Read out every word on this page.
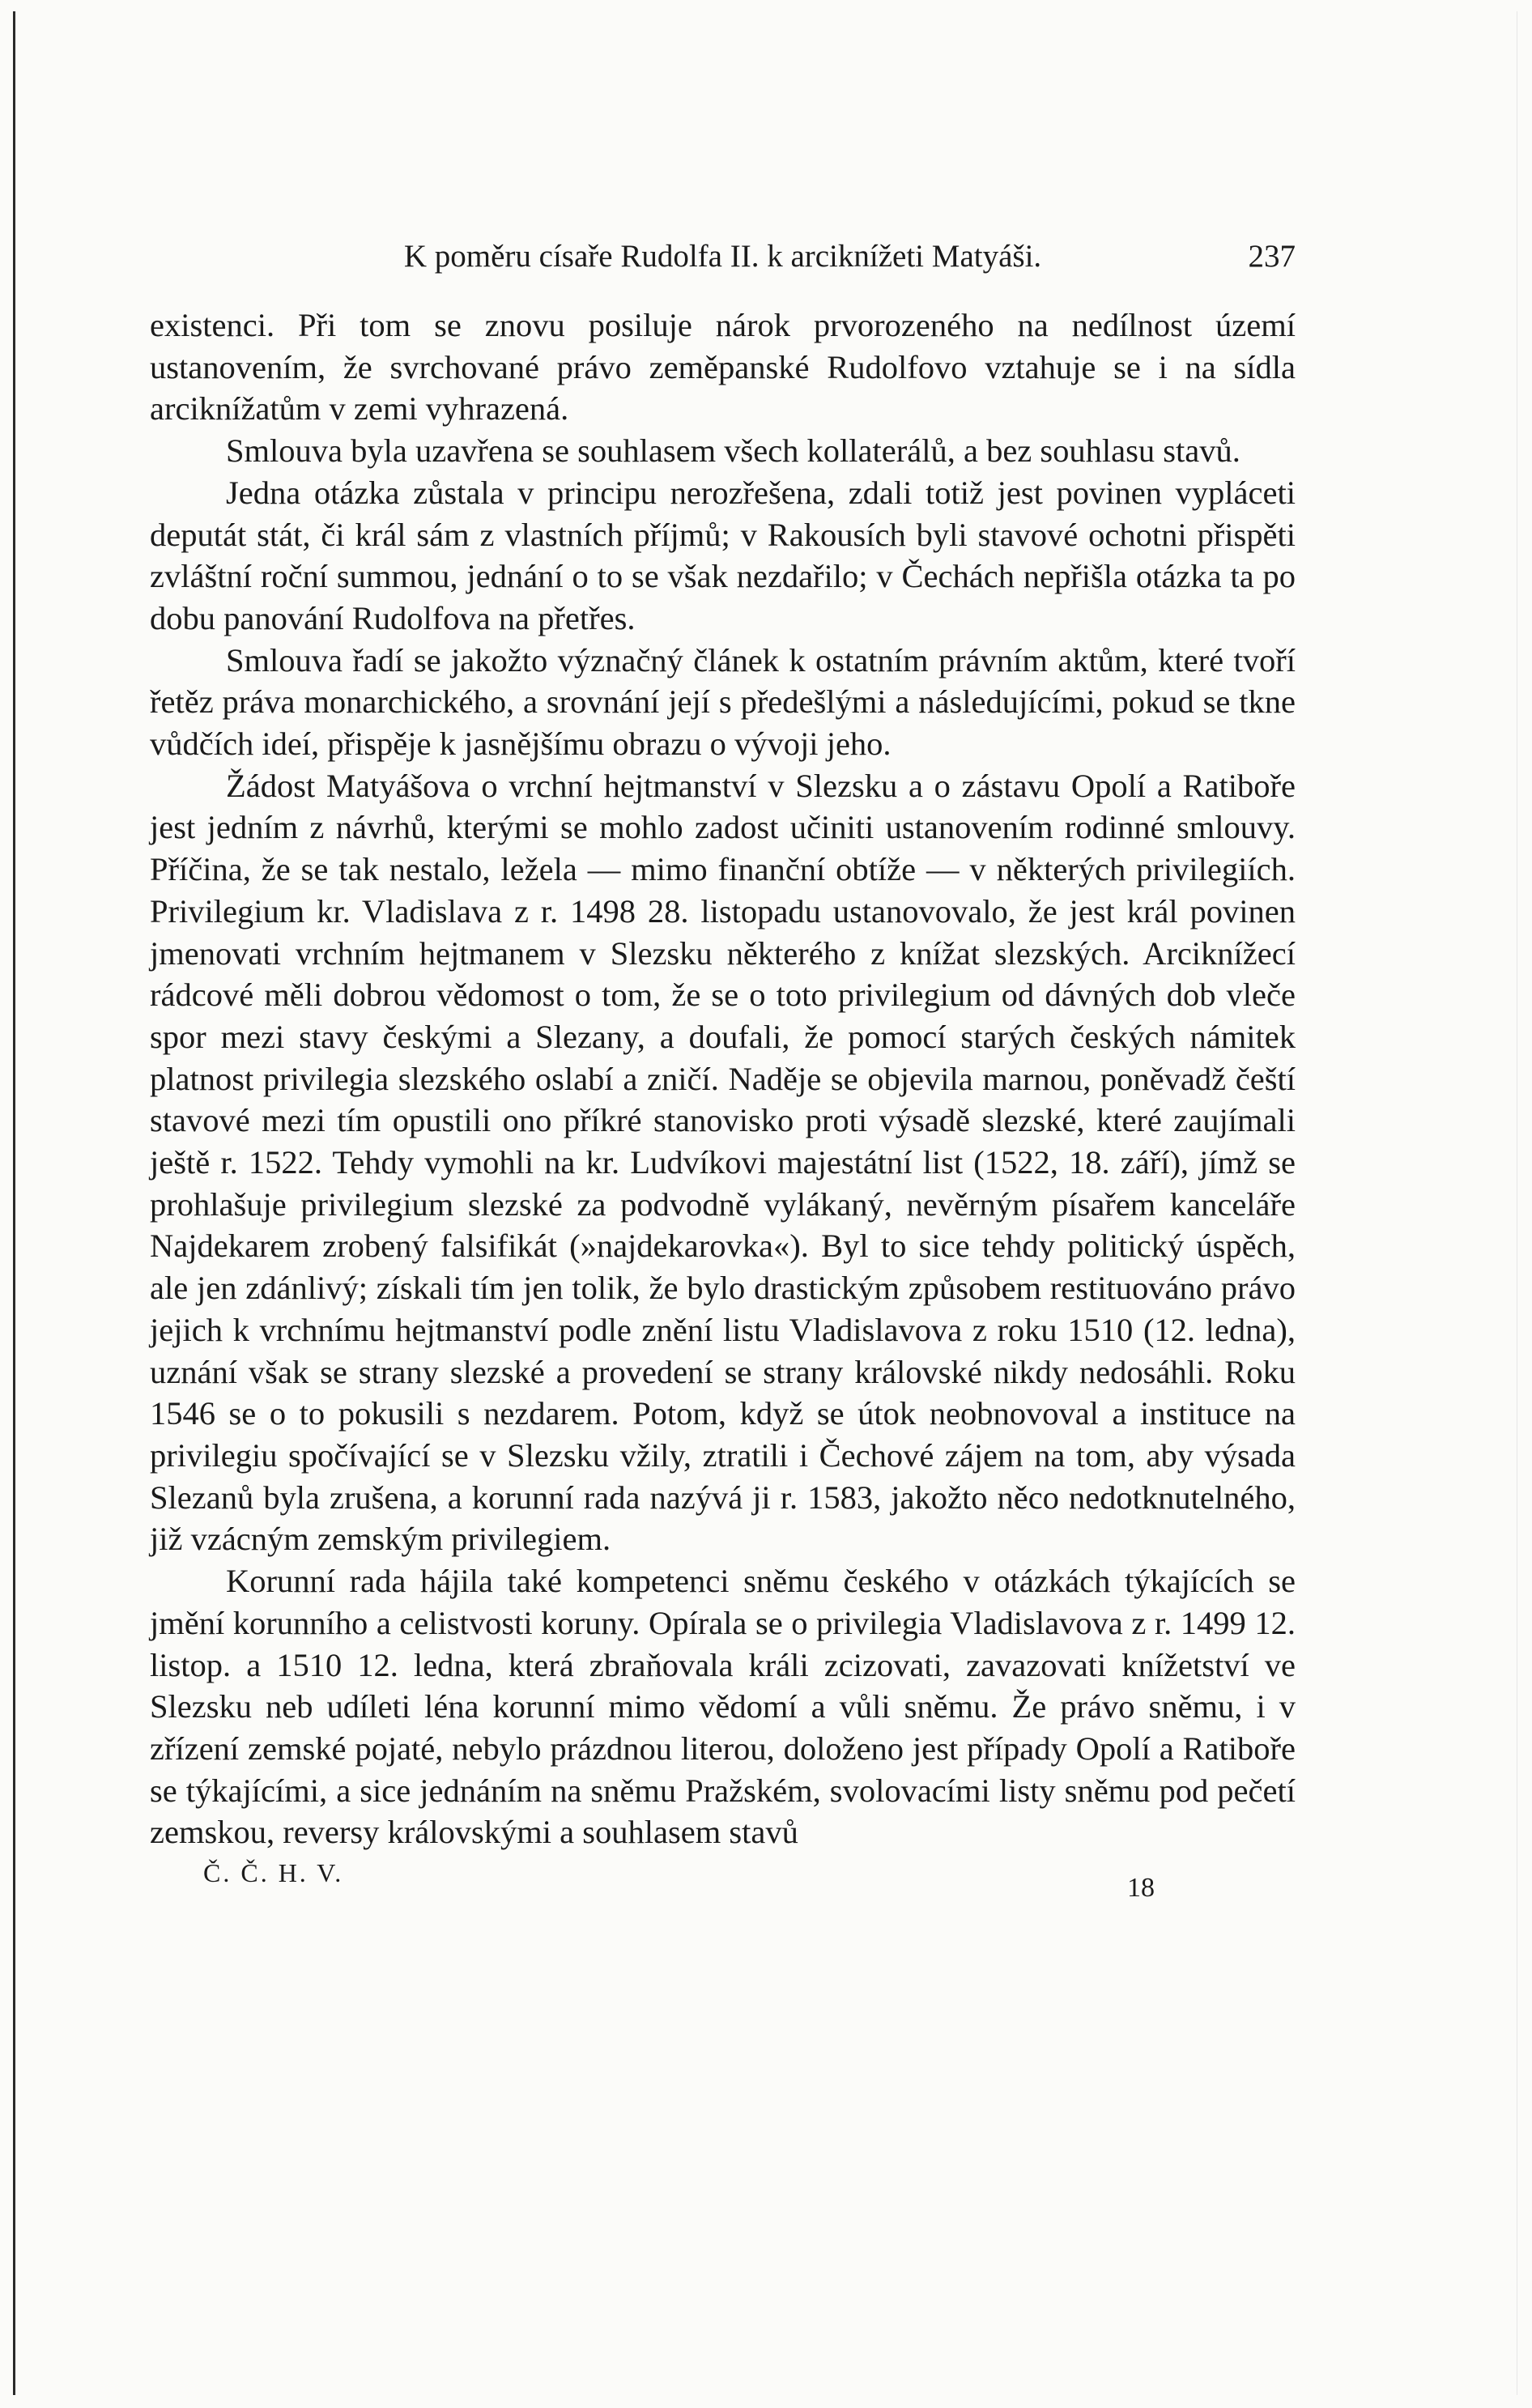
K poměru císaře Rudolfa II. k arciknížeti Matyáši.	237

existenci. Při tom se znovu posiluje nárok prvorozeného na nedílnost území ustanovením, že svrchované právo zeměpanské Rudolfovo vztahuje se i na sídla arciknížatům v zemi vyhrazená.

Smlouva byla uzavřena se souhlasem všech kollaterálů, a bez souhlasu stavů.

Jedna otázka zůstala v principu nerozřešena, zdali totiž jest povinen vypláceti deputát stát, či král sám z vlastních příjmů; v Rakousích byli stavové ochotni přispěti zvláštní roční summou, jednání o to se však nezdařilo; v Čechách nepřišla otázka ta po dobu panování Rudolfova na přetřes.

Smlouva řadí se jakožto význačný článek k ostatním právním aktům, které tvoří řetěz práva monarchického, a srovnání její s předešlými a následujícími, pokud se tkne vůdčích ideí, přispěje k jasnějšímu obrazu o vývoji jeho.

Žádost Matyášova o vrchní hejtmanství v Slezsku a o zástavu Opolí a Ratiboře jest jedním z návrhů, kterými se mohlo zadost učiniti ustanovením rodinné smlouvy. Příčina, že se tak nestalo, ležela — mimo finanční obtíže — v některých privilegiích. Privilegium kr. Vladislava z r. 1498 28. listopadu ustanovovalo, že jest král povinen jmenovati vrchním hejtmanem v Slezsku některého z knížat slezských. Arciknížecí rádcové měli dobrou vědomost o tom, že se o toto privilegium od dávných dob vleče spor mezi stavy českými a Slezany, a doufali, že pomocí starých českých námitek platnost privilegia slezského oslabí a zničí. Naděje se objevila marnou, poněvadž čeští stavové mezi tím opustili ono příkré stanovisko proti výsadě slezské, které zaujímali ještě r. 1522. Tehdy vymohli na kr. Ludvíkovi majestátní list (1522, 18. září), jímž se prohlašuje privilegium slezské za podvodně vylákaný, nevěrným písařem kanceláře Najdekarem zrobený falsifikát (»najdekarovka«). Byl to sice tehdy politický úspěch, ale jen zdánlivý; získali tím jen tolik, že bylo drastickým způsobem restituováno právo jejich k vrchnímu hejtmanství podle znění listu Vladislavova z roku 1510 (12. ledna), uznání však se strany slezské a provedení se strany královské nikdy nedosáhli. Roku 1546 se o to pokusili s nezdarem. Potom, když se útok neobnovoval a instituce na privilegiu spočívající se v Slezsku vžily, ztratili i Čechové zájem na tom, aby výsada Slezanů byla zrušena, a korunní rada nazývá ji r. 1583, jakožto něco nedotknutelného, již vzácným zemským privilegiem.

Korunní rada hájila také kompetenci sněmu českého v otázkách týkajících se jmění korunního a celistvosti koruny. Opírala se o privilegia Vladislavova z r. 1499 12. listop. a 1510 12. ledna, která zbraňovala králi zcizovati, zavazovati knížetství ve Slezsku neb udíleti léna korunní mimo vědomí a vůli sněmu. Že právo sněmu, i v zřízení zemské pojaté, nebylo prázdnou literou, doloženo jest případy Opolí a Ratiboře se týkajícími, a sice jednáním na sněmu Pražském, svolovacími listy sněmu pod pečetí zemskou, reversy královskými a souhlasem stavů

Č. Č. H. V.	18
